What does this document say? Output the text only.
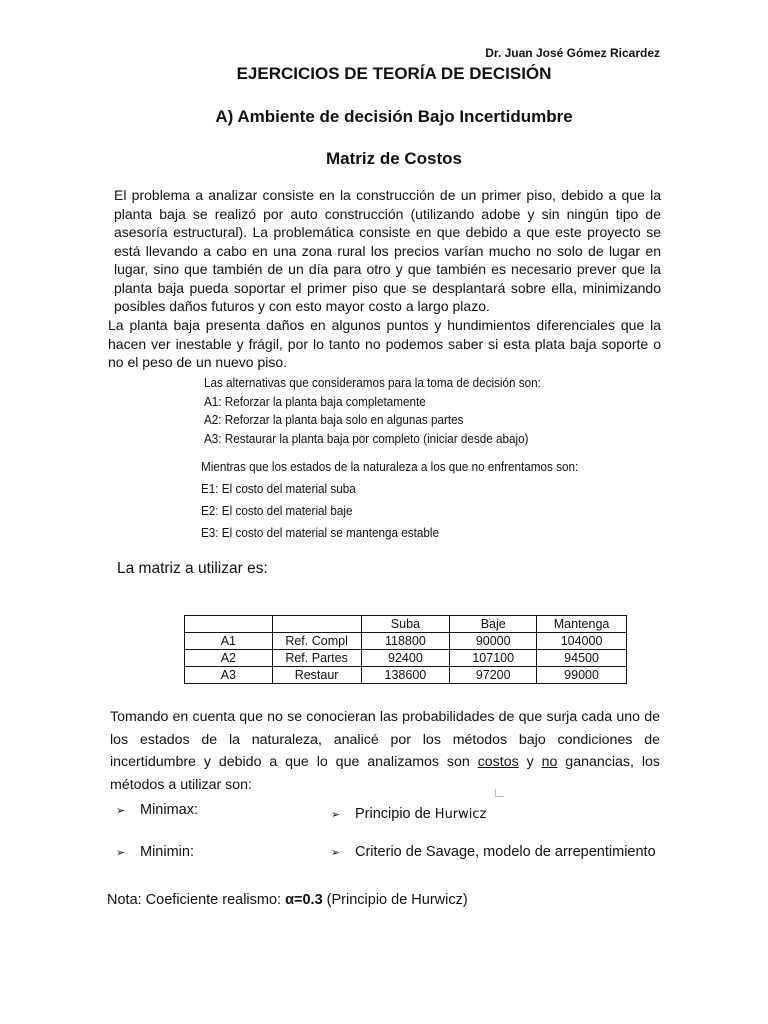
Dr. Juan José Gómez Ricardez
EJERCICIOS DE TEORÍA DE DECISIÓN
A) Ambiente de decisión Bajo Incertidumbre
Matriz de Costos
El problema a analizar consiste en la construcción de un primer piso, debido a que la planta baja se realizó por auto construcción (utilizando adobe y sin ningún tipo de asesoría estructural). La problemática consiste en que debido a que este proyecto se está llevando a cabo en una zona rural los precios varían mucho no solo de lugar en lugar, sino que también de un día para otro y que también es necesario prever que la planta baja pueda soportar el primer piso que se desplantará sobre ella, minimizando posibles daños futuros y con esto mayor costo a largo plazo.
La planta baja presenta daños en algunos puntos y hundimientos diferenciales que la hacen ver inestable y frágil, por lo tanto no podemos saber si esta plata baja soporte o no el peso de un nuevo piso.
Las alternativas que consideramos para la toma de decisión son:
A1: Reforzar la planta baja completamente
A2: Reforzar la planta baja solo en algunas partes
A3: Restaurar la planta baja por completo (iniciar desde abajo)
Mientras que los estados de la naturaleza a los que no enfrentamos son:
E1: El costo del material suba
E2: El costo del material baje
E3: El costo del material se mantenga estable
La matriz a utilizar es:
		Suba	Baje	Mantenga
A1	Ref. Compl	118800	90000	104000
A2	Ref. Partes	92400	107100	94500
A3	Restaur	138600	97200	99000
Tomando en cuenta que no se conocieran las probabilidades de que surja cada uno de los estados de la naturaleza, analicé por los métodos bajo condiciones de incertidumbre y debido a que lo que analizamos son costos y no ganancias, los métodos a utilizar son:
➢	Minimax:	➢	Principio de Hurwicz
➢	Minimin:	➢	Criterio de Savage, modelo de arrepentimiento
Nota: Coeficiente realismo: α=0.3 (Principio de Hurwicz)
